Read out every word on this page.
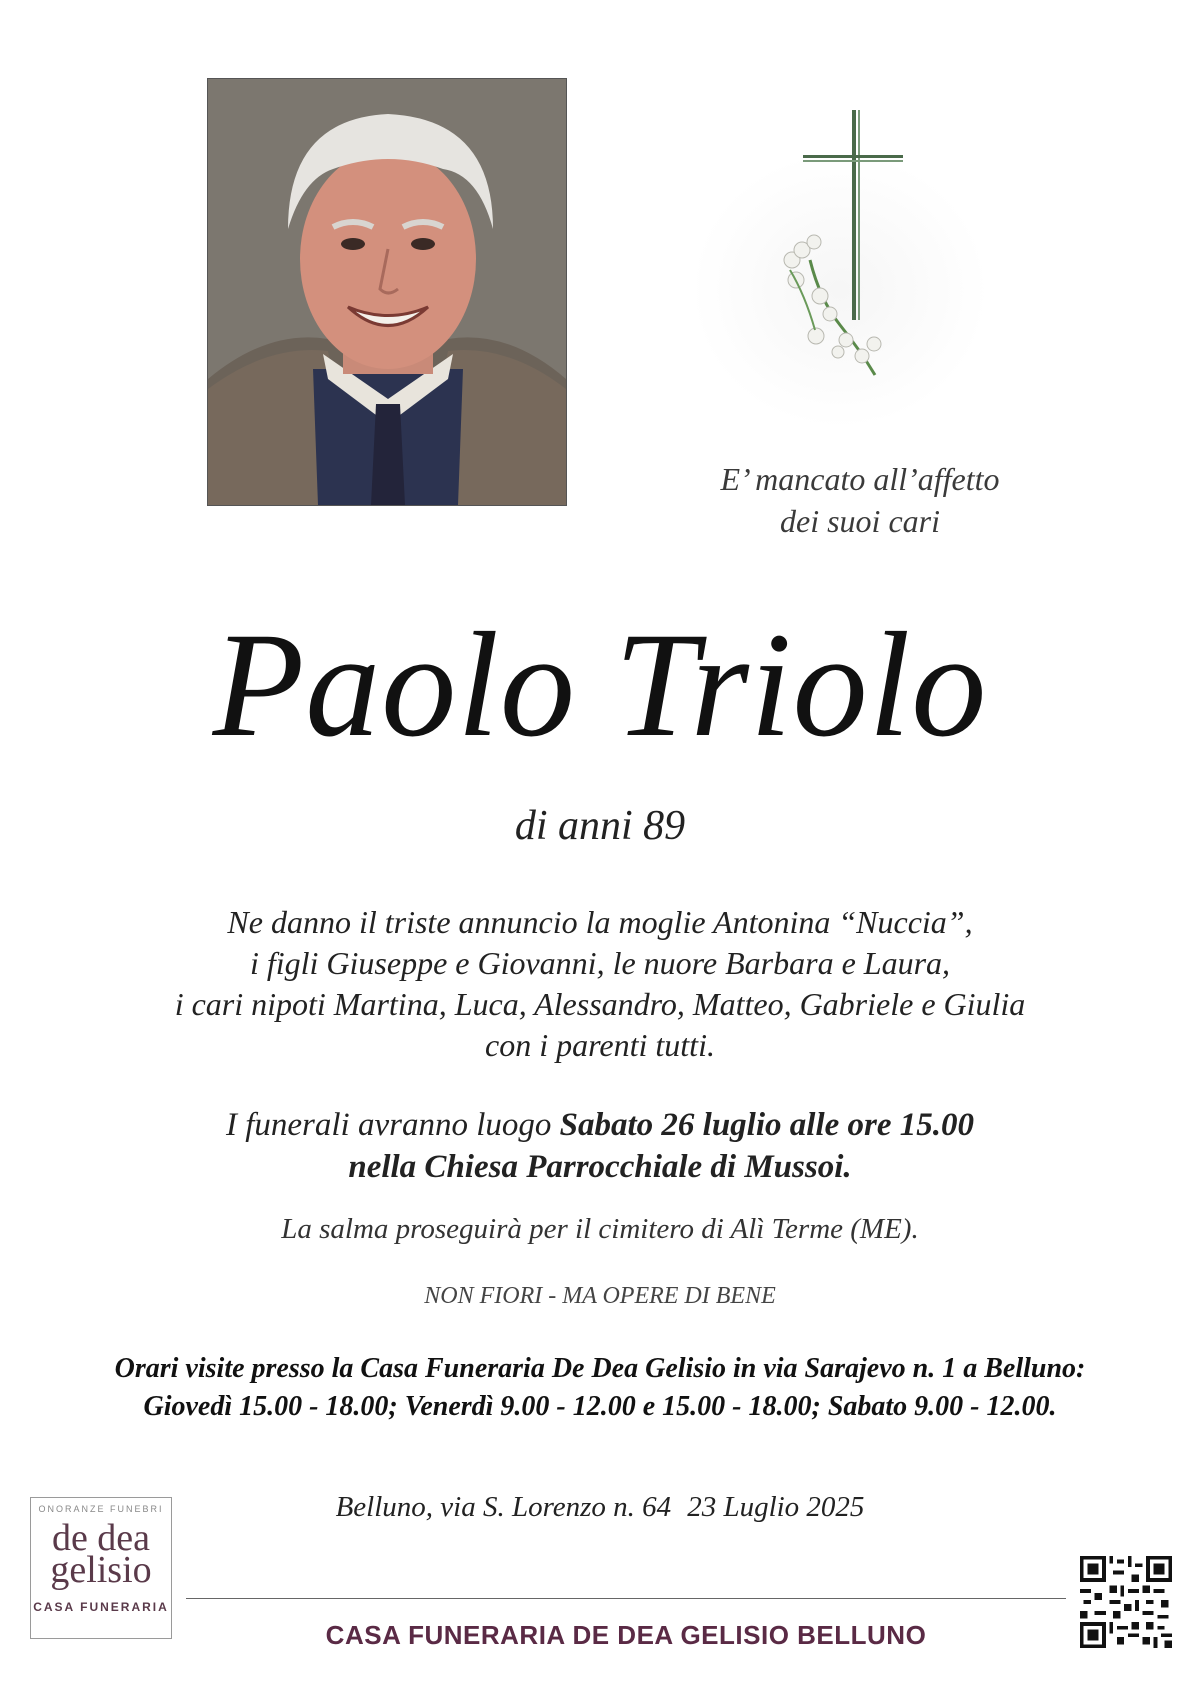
E’ mancato all’affetto
dei suoi cari
Paolo Triolo
di anni 89
Ne danno il triste annuncio la moglie Antonina “Nuccia”,
i figli Giuseppe e Giovanni, le nuore Barbara e Laura,
i cari nipoti Martina, Luca, Alessandro, Matteo, Gabriele e Giulia
con i parenti tutti.
I funerali avranno luogo Sabato 26 luglio alle ore 15.00
nella Chiesa Parrocchiale di Mussoi.
La salma proseguirà per il cimitero di Alì Terme (ME).
NON FIORI - MA OPERE DI BENE
Orari visite presso la Casa Funeraria De Dea Gelisio in via Sarajevo n. 1 a Belluno:
Giovedì 15.00 - 18.00; Venerdì 9.00 - 12.00 e 15.00 - 18.00; Sabato 9.00 - 12.00.
Belluno, via S. Lorenzo n. 64 23 Luglio 2025
ONORANZE FUNEBRI
de dea
gelisio
CASA FUNERARIA
CASA FUNERARIA DE DEA GELISIO BELLUNO
